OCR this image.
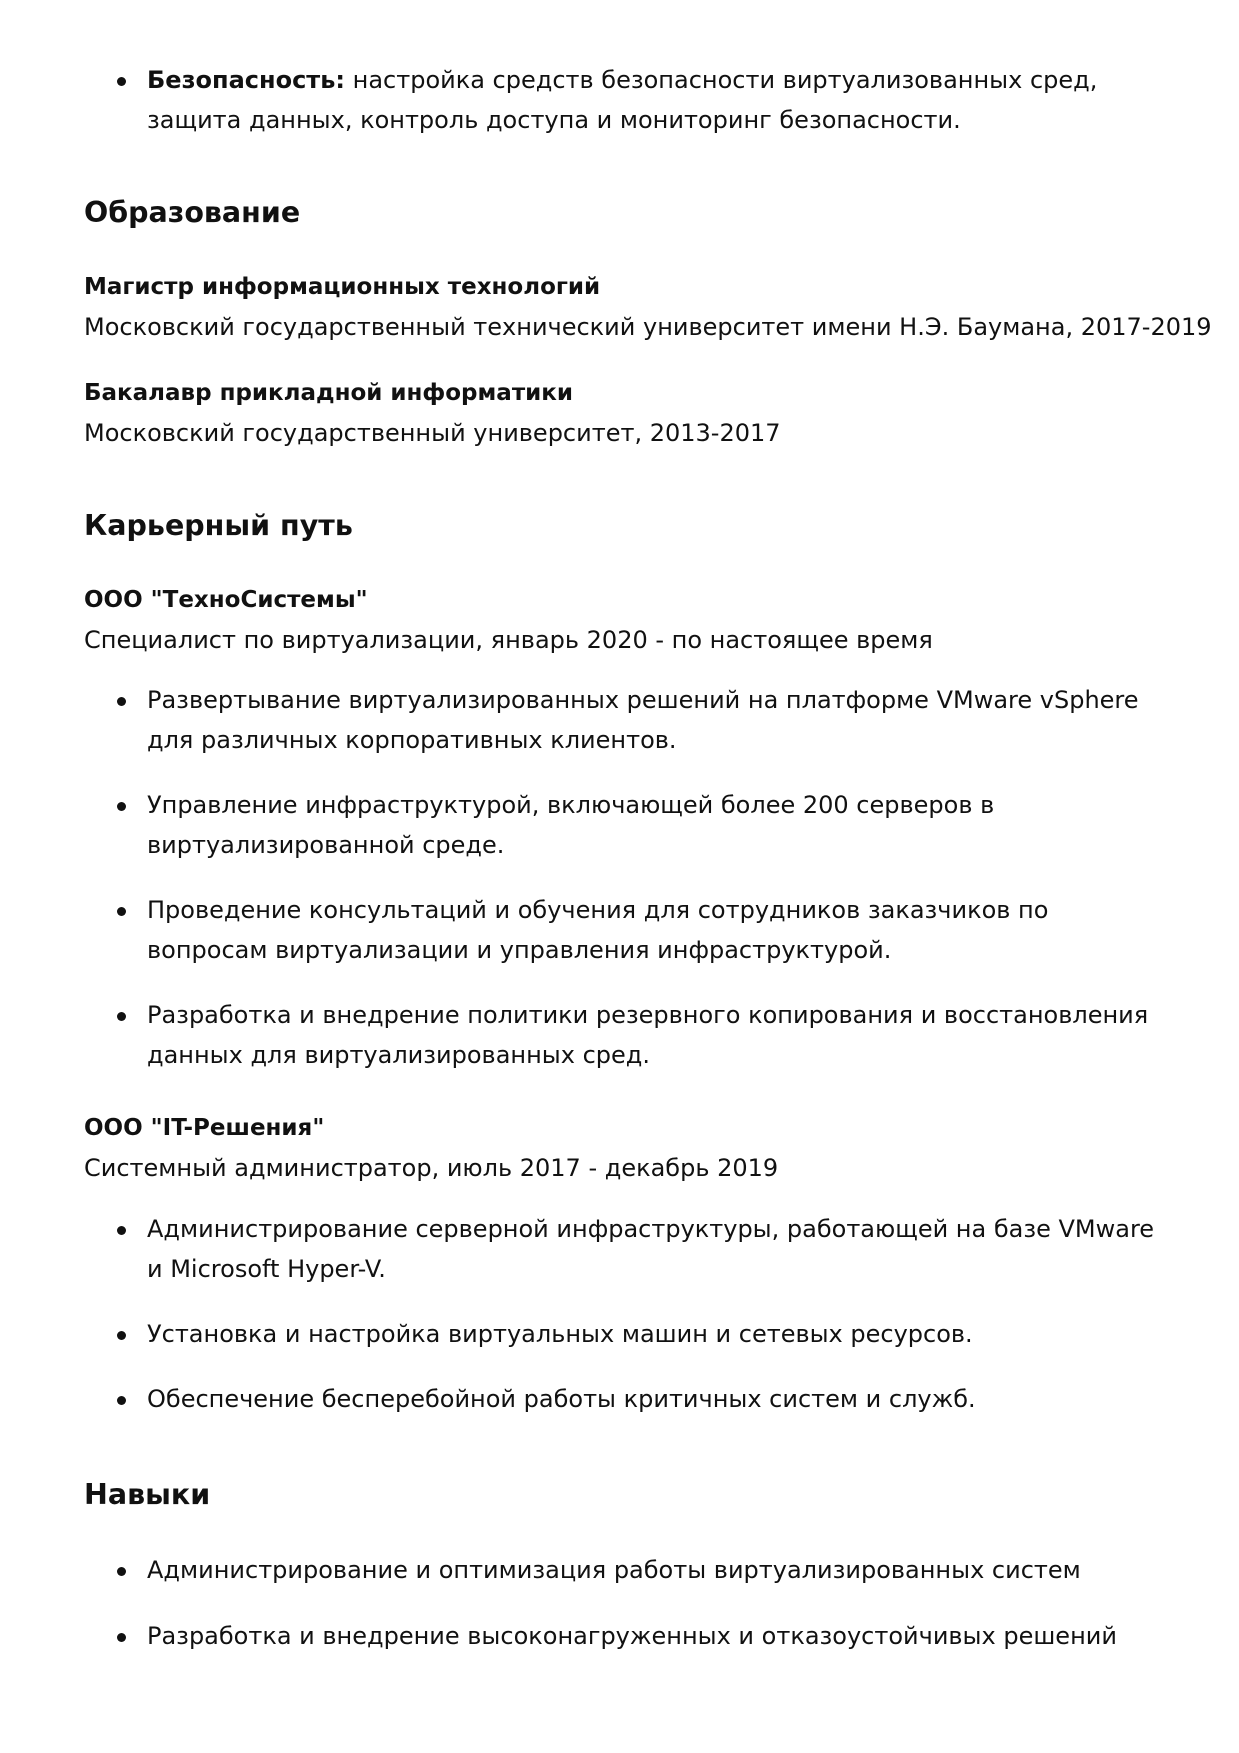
Безопасность: настройка средств безопасности виртуализованных сред, защита данных, контроль доступа и мониторинг безопасности.
Образование
Магистр информационных технологий
Московский государственный технический университет имени Н.Э. Баумана, 2017-2019
Бакалавр прикладной информатики
Московский государственный университет, 2013-2017
Карьерный путь
ООО "ТехноСистемы"
Специалист по виртуализации, январь 2020 - по настоящее время
Развертывание виртуализированных решений на платформе VMware vSphere для различных корпоративных клиентов.
Управление инфраструктурой, включающей более 200 серверов в виртуализированной среде.
Проведение консультаций и обучения для сотрудников заказчиков по вопросам виртуализации и управления инфраструктурой.
Разработка и внедрение политики резервного копирования и восстановления данных для виртуализированных сред.
ООО "IT-Решения"
Системный администратор, июль 2017 - декабрь 2019
Администрирование серверной инфраструктуры, работающей на базе VMware и Microsoft Hyper-V.
Установка и настройка виртуальных машин и сетевых ресурсов.
Обеспечение бесперебойной работы критичных систем и служб.
Навыки
Администрирование и оптимизация работы виртуализированных систем
Разработка и внедрение высоконагруженных и отказоустойчивых решений
